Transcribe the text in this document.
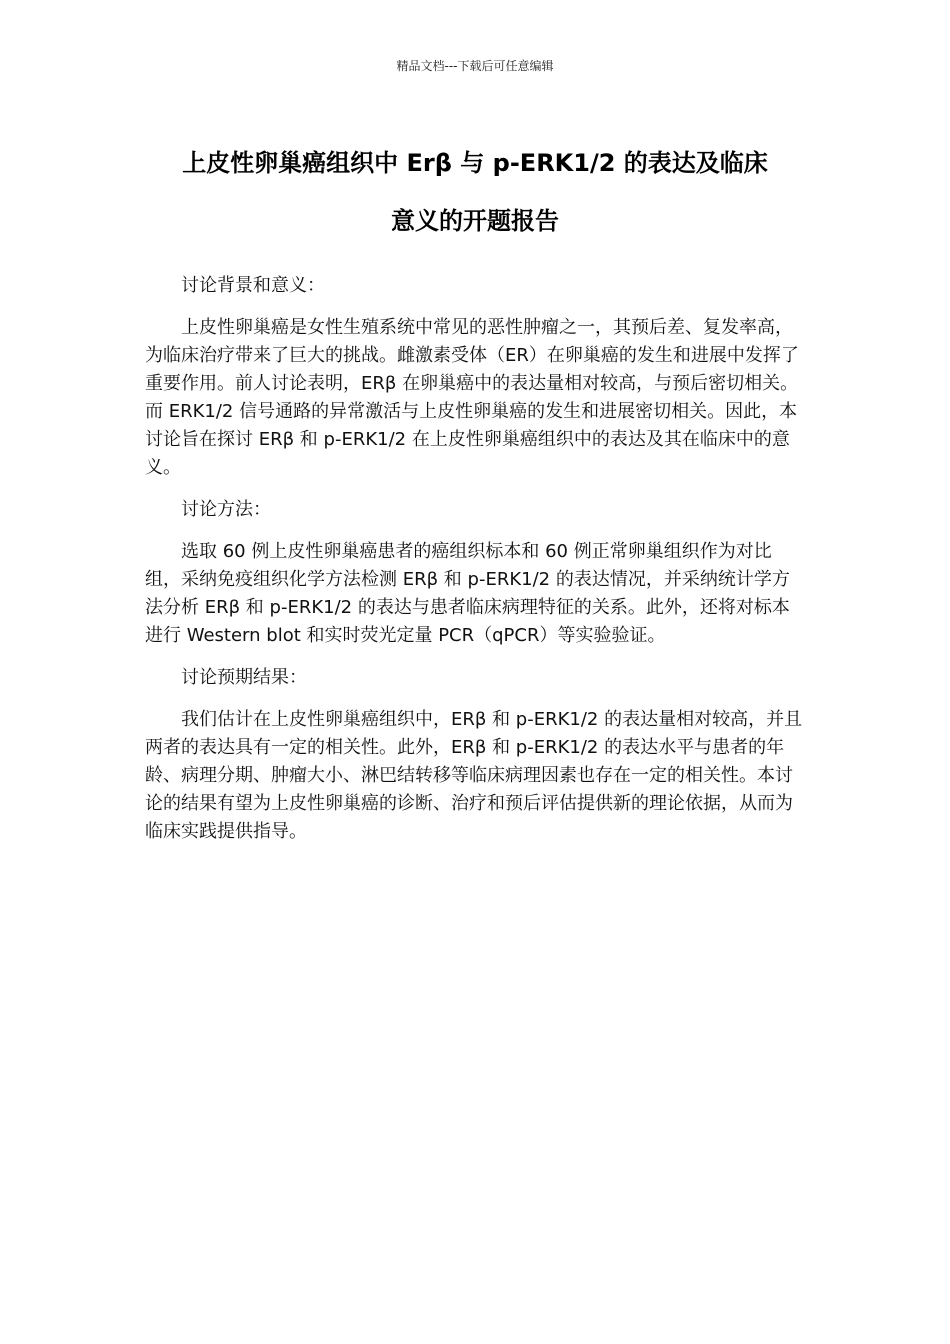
精品文档---下载后可任意编辑
上皮性卵巢癌组织中 Erβ 与 p-ERK1/2 的表达及临床
意义的开题报告

讨论背景和意义：

上皮性卵巢癌是女性生殖系统中常见的恶性肿瘤之一，其预后差、复发率高，为临床治疗带来了巨大的挑战。雌激素受体（ER）在卵巢癌的发生和进展中发挥了重要作用。前人讨论表明，ERβ 在卵巢癌中的表达量相对较高，与预后密切相关。而 ERK1/2 信号通路的异常激活与上皮性卵巢癌的发生和进展密切相关。因此，本讨论旨在探讨 ERβ 和 p-ERK1/2 在上皮性卵巢癌组织中的表达及其在临床中的意义。

讨论方法：

选取 60 例上皮性卵巢癌患者的癌组织标本和 60 例正常卵巢组织作为对比组，采纳免疫组织化学方法检测 ERβ 和 p-ERK1/2 的表达情况，并采纳统计学方法分析 ERβ 和 p-ERK1/2 的表达与患者临床病理特征的关系。此外，还将对标本进行 Western blot 和实时荧光定量 PCR（qPCR）等实验验证。

讨论预期结果：

我们估计在上皮性卵巢癌组织中，ERβ 和 p-ERK1/2 的表达量相对较高，并且两者的表达具有一定的相关性。此外，ERβ 和 p-ERK1/2 的表达水平与患者的年龄、病理分期、肿瘤大小、淋巴结转移等临床病理因素也存在一定的相关性。本讨论的结果有望为上皮性卵巢癌的诊断、治疗和预后评估提供新的理论依据，从而为临床实践提供指导。
